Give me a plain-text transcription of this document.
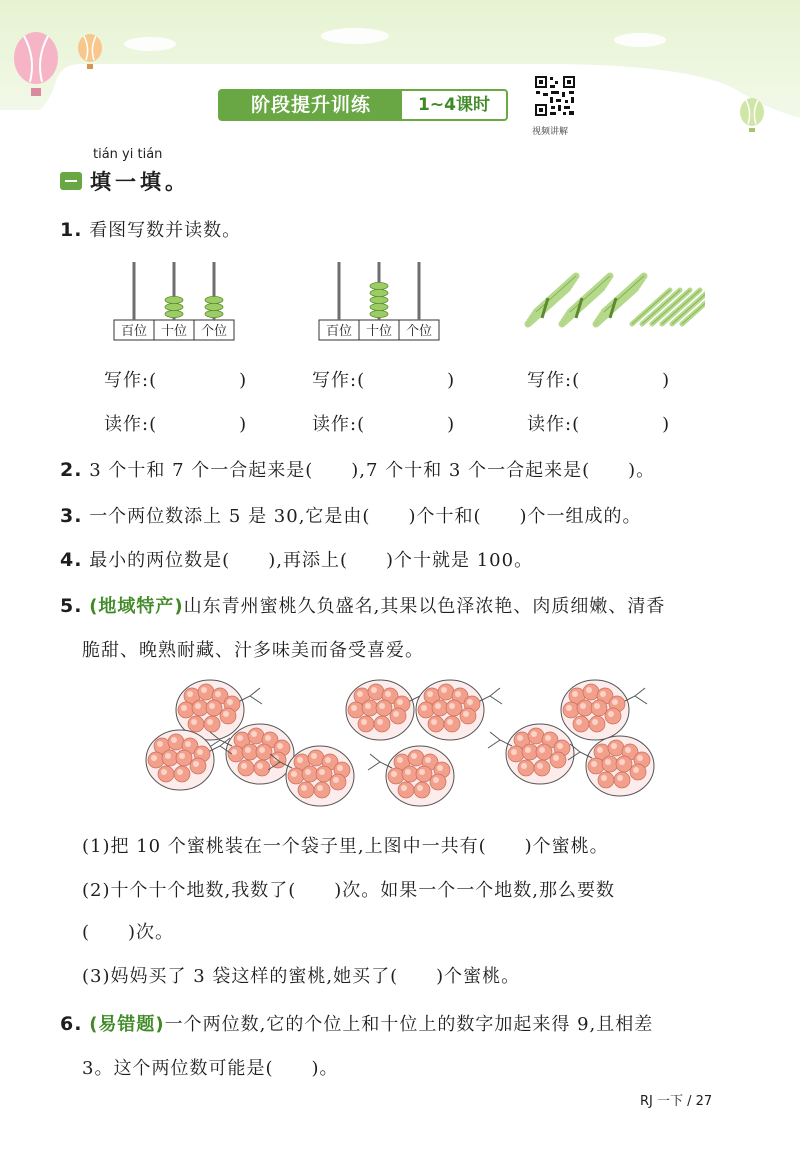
阶段提升训练	1~4课时
视频讲解
tián yi tián
填一填。
1. 看图写数并读数。
百位 十位 个位	百位 十位 个位
写作:(	)	写作:(	)	写作:(	)
读作:(	)	读作:(	)	读作:(	)
2. 3 个十和 7 个一合起来是(　　),7 个十和 3 个一合起来是(　　)。
3. 一个两位数添上 5 是 30,它是由(　　)个十和(　　)个一组成的。
4. 最小的两位数是(　　),再添上(　　)个十就是 100。
5. (地域特产)山东青州蜜桃久负盛名,其果以色泽浓艳、肉质细嫩、清香
脆甜、晚熟耐藏、汁多味美而备受喜爱。
(1)把 10 个蜜桃装在一个袋子里,上图中一共有(　　)个蜜桃。
(2)十个十个地数,我数了(　　)次。如果一个一个地数,那么要数
(　　)次。
(3)妈妈买了 3 袋这样的蜜桃,她买了(　　)个蜜桃。
6. (易错题)一个两位数,它的个位上和十位上的数字加起来得 9,且相差
3。这个两位数可能是(　　)。
RJ 一下 / 27
